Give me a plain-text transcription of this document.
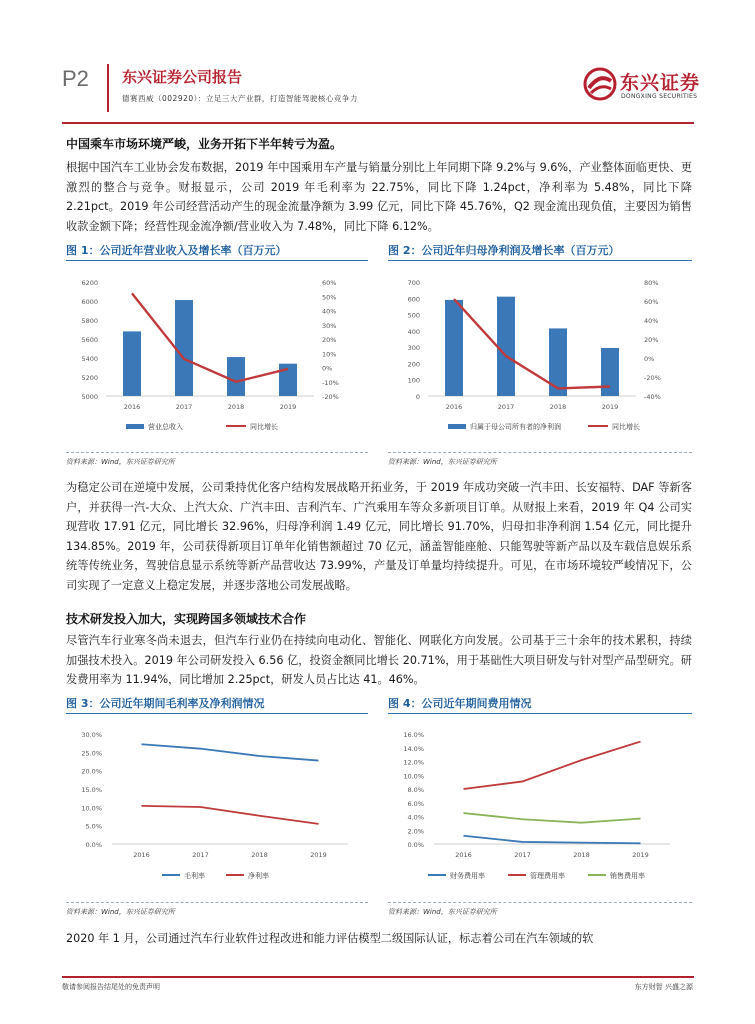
P2 东兴证券公司报告
德赛西威（002920）：立足三大产业群，打造智能驾驶核心竞争力
东兴证券
DONGXING SECURITIES
中国乘车市场环境严峻，业务开拓下半年转亏为盈。
根据中国汽车工业协会发布数据，2019 年中国乘用车产量与销量分别比上年同期下降 9.2%与 9.6%，产业整体面临更快、更激烈的整合与竞争。财报显示，公司 2019 年毛利率为 22.75%，同比下降 1.24pct，净利率为 5.48%，同比下降 2.21pct。2019 年公司经营活动产生的现金流量净额为 3.99 亿元，同比下降 45.76%，Q2 现金流出现负值，主要因为销售收款金额下降；经营性现金流净额/营业收入为 7.48%，同比下降 6.12%。
图 1：公司近年营业收入及增长率（百万元）	图 2：公司近年归母净利润及增长率（百万元）
6200
6000
5800
5600
5400
5200
5000
60%
50%
40%
30%
20%
10%
0%
-10%
-20%
2016	2017	2018	2019
营业总收入	同比增长
700
600
500
400
300
200
100
0
80%
60%
40%
20%
0%
-20%
-40%
2016	2017	2018	2019
归属于母公司所有者的净利润	同比增长
资料来源：Wind，东兴证券研究所	资料来源：Wind，东兴证券研究所
为稳定公司在逆境中发展，公司秉持优化客户结构发展战略开拓业务，于 2019 年成功突破一汽丰田、长安福特、DAF 等新客户，并获得一汽-大众、上汽大众、广汽丰田、吉利汽车、广汽乘用车等众多新项目订单。从财报上来看，2019 年 Q4 公司实现营收 17.91 亿元，同比增长 32.96%，归母净利润 1.49 亿元，同比增长 91.70%，归母扣非净利润 1.54 亿元，同比提升 134.85%。2019 年，公司获得新项目订单年化销售额超过 70 亿元，涵盖智能座舱、只能驾驶等新产品以及车载信息娱乐系统等传统业务，驾驶信息显示系统等新产品营收达 73.99%，产量及订单量均持续提升。可见，在市场环境较严峻情况下，公司实现了一定意义上稳定发展，并逐步落地公司发展战略。
技术研发投入加大，实现跨国多领域技术合作
尽管汽车行业寒冬尚未退去，但汽车行业仍在持续向电动化、智能化、网联化方向发展。公司基于三十余年的技术累积，持续加强技术投入。2019 年公司研发投入 6.56 亿，投资金额同比增长 20.71%，用于基础性大项目研发与针对型产品型研究。研发费用率为 11.94%，同比增加 2.25pct，研发人员占比达 41。46%。
图 3：公司近年期间毛利率及净利润情况	图 4：公司近年期间费用情况
30.0%
25.0%
20.0%
15.0%
10.0%
5.0%
0.0%
2016	2017	2018	2019
毛利率	净利率
16.0%
14.0%
12.0%
10.0%
8.0%
6.0%
4.0%
2.0%
0.0%
2016	2017	2018	2019
财务费用率	管理费用率	销售费用率
资料来源：Wind，东兴证券研究所	资料来源：Wind，东兴证券研究所
2020 年 1 月，公司通过汽车行业软件过程改进和能力评估模型二级国际认证，标志着公司在汽车领域的软
敬请参阅报告结尾处的免责声明	东方财智 兴盛之源
